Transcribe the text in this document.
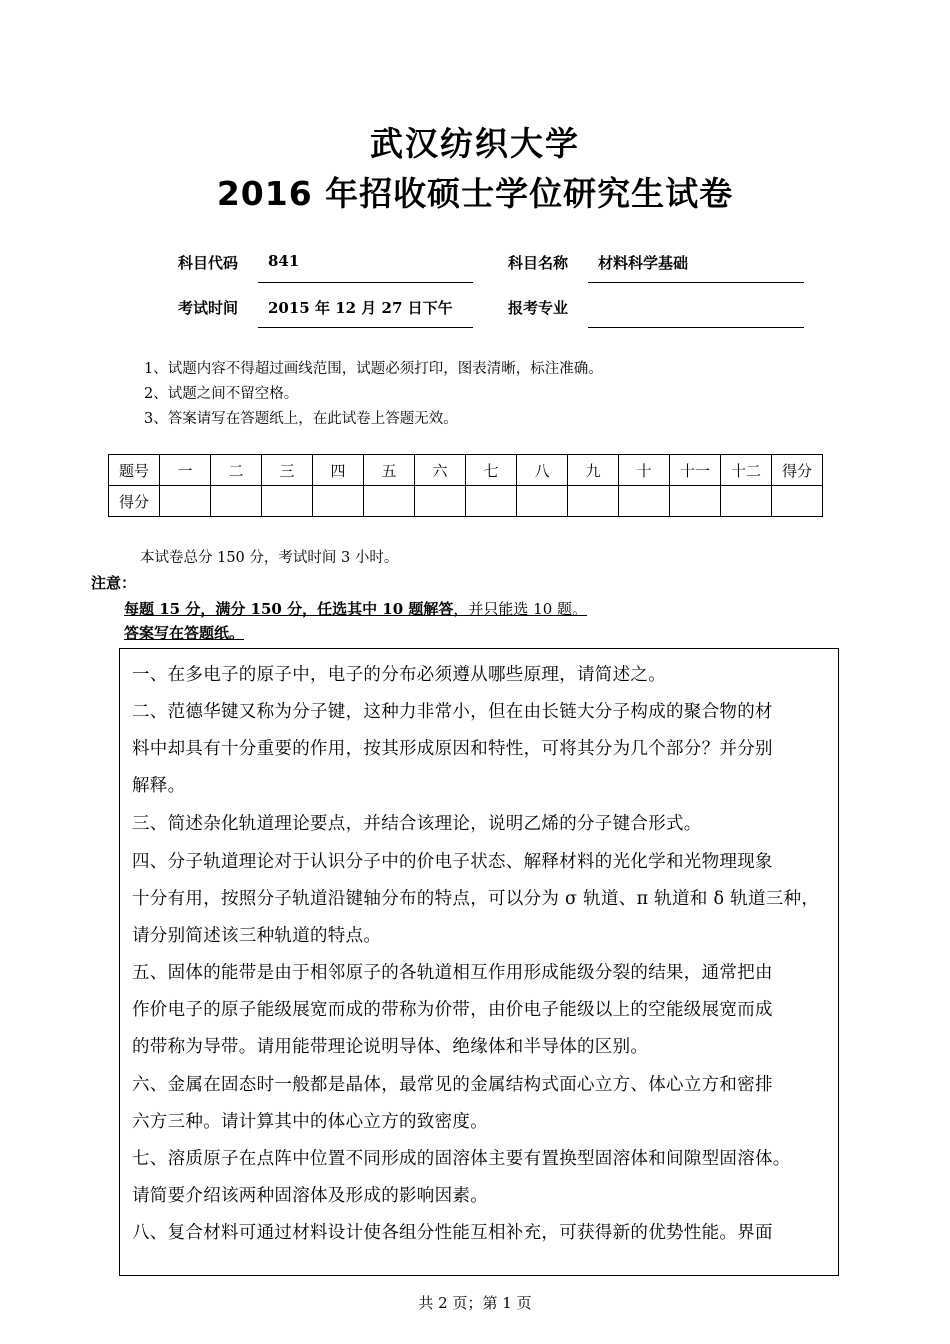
武汉纺织大学
2016 年招收硕士学位研究生试卷
科目代码 841	科目名称 材料科学基础
考试时间 2015 年 12 月 27 日下午	报考专业
1、试题内容不得超过画线范围，试题必须打印，图表清晰，标注准确。
2、试题之间不留空格。
3、答案请写在答题纸上，在此试卷上答题无效。
题号	一	二	三	四	五	六	七	八	九	十	十一	十二	得分
得分													
本试卷总分 150 分，考试时间 3 小时。
注意：
每题 15 分，满分 150 分，任选其中 10 题解答，并只能选 10 题。
答案写在答题纸。
一、在多电子的原子中，电子的分布必须遵从哪些原理，请简述之。
二、范德华键又称为分子键，这种力非常小，但在由长链大分子构成的聚合物的材
料中却具有十分重要的作用，按其形成原因和特性，可将其分为几个部分？并分别
解释。
三、简述杂化轨道理论要点，并结合该理论，说明乙烯的分子键合形式。
四、分子轨道理论对于认识分子中的价电子状态、解释材料的光化学和光物理现象
十分有用，按照分子轨道沿键轴分布的特点，可以分为 σ 轨道、π 轨道和 δ 轨道三种，
请分别简述该三种轨道的特点。
五、固体的能带是由于相邻原子的各轨道相互作用形成能级分裂的结果，通常把由
作价电子的原子能级展宽而成的带称为价带，由价电子能级以上的空能级展宽而成
的带称为导带。请用能带理论说明导体、绝缘体和半导体的区别。
六、金属在固态时一般都是晶体，最常见的金属结构式面心立方、体心立方和密排
六方三种。请计算其中的体心立方的致密度。
七、溶质原子在点阵中位置不同形成的固溶体主要有置换型固溶体和间隙型固溶体。
请简要介绍该两种固溶体及形成的影响因素。
八、复合材料可通过材料设计使各组分性能互相补充，可获得新的优势性能。界面
共 2 页；第 1 页
